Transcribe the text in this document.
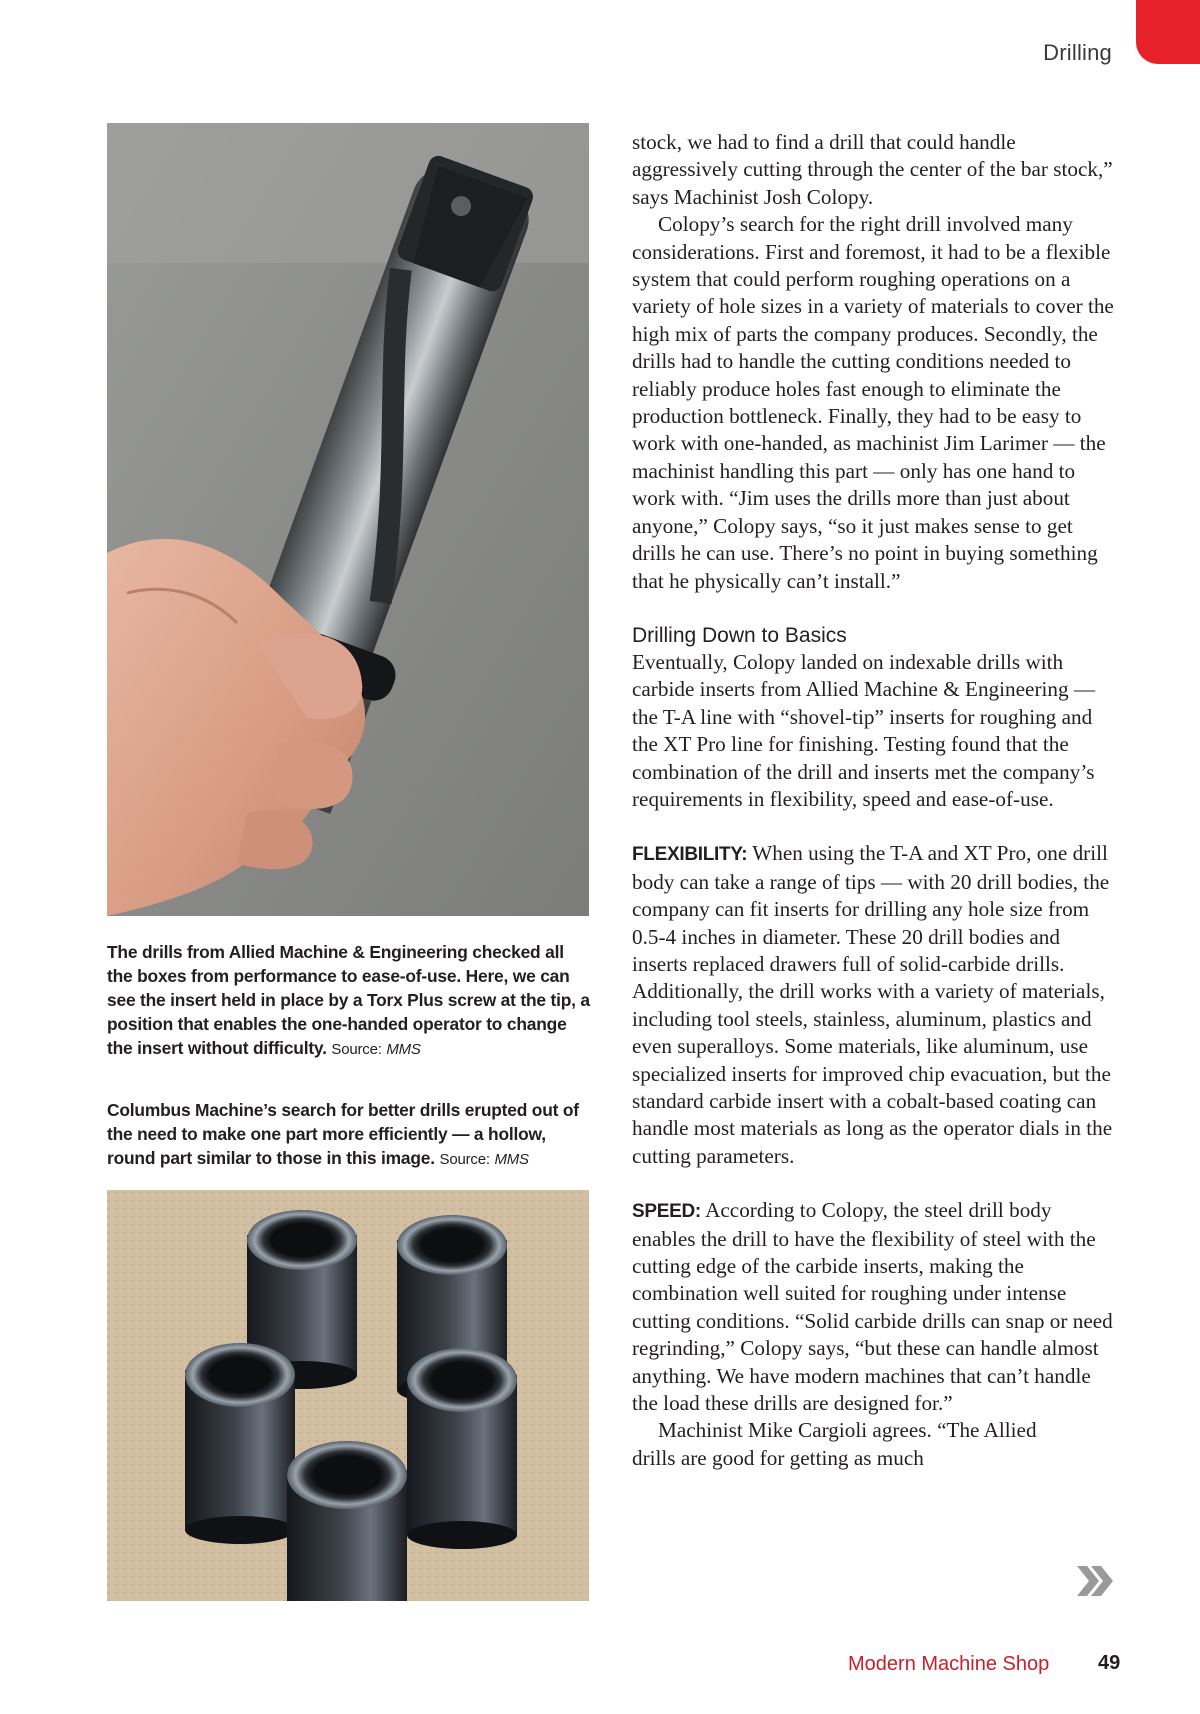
Drilling
The drills from Allied Machine & Engineering checked all the boxes from performance to ease-of-use. Here, we can see the insert held in place by a Torx Plus screw at the tip, a position that enables the one-handed operator to change the insert without difficulty. Source: MMS
Columbus Machine’s search for better drills erupted out of the need to make one part more efficiently — a hollow, round part similar to those in this image. Source: MMS

stock, we had to find a drill that could handle aggressively cutting through the center of the bar stock,” says Machinist Josh Colopy.

Colopy’s search for the right drill involved many considerations. First and foremost, it had to be a flexible system that could perform roughing operations on a variety of hole sizes in a variety of materials to cover the high mix of parts the company produces. Secondly, the drills had to handle the cutting conditions needed to reliably produce holes fast enough to eliminate the production bottleneck. Finally, they had to be easy to work with one-handed, as machinist Jim Larimer — the machinist handling this part — only has one hand to work with. “Jim uses the drills more than just about anyone,” Colopy says, “so it just makes sense to get drills he can use. There’s no point in buying something that he physically can’t install.”

Drilling Down to Basics

Eventually, Colopy landed on indexable drills with carbide inserts from Allied Machine & Engineering — the T-A line with “shovel-tip” inserts for roughing and the XT Pro line for finishing. Testing found that the combination of the drill and inserts met the company’s requirements in flexibility, speed and ease-of-use.

FLEXIBILITY: When using the T-A and XT Pro, one drill body can take a range of tips — with 20 drill bodies, the company can fit inserts for drilling any hole size from 0.5-4 inches in diameter. These 20 drill bodies and inserts replaced drawers full of solid-carbide drills. Additionally, the drill works with a variety of materials, including tool steels, stainless, aluminum, plastics and even superalloys. Some materials, like aluminum, use specialized inserts for improved chip evacuation, but the standard carbide insert with a cobalt-based coating can handle most materials as long as the operator dials in the cutting parameters.

SPEED: According to Colopy, the steel drill body enables the drill to have the flexibility of steel with the cutting edge of the carbide inserts, making the combination well suited for roughing under intense cutting conditions. “Solid carbide drills can snap or need regrinding,” Colopy says, “but these can handle almost anything. We have modern machines that can’t handle the load these drills are designed for.”

Machinist Mike Cargioli agrees. “The Allied drills are good for getting as much

Modern Machine Shop 49
